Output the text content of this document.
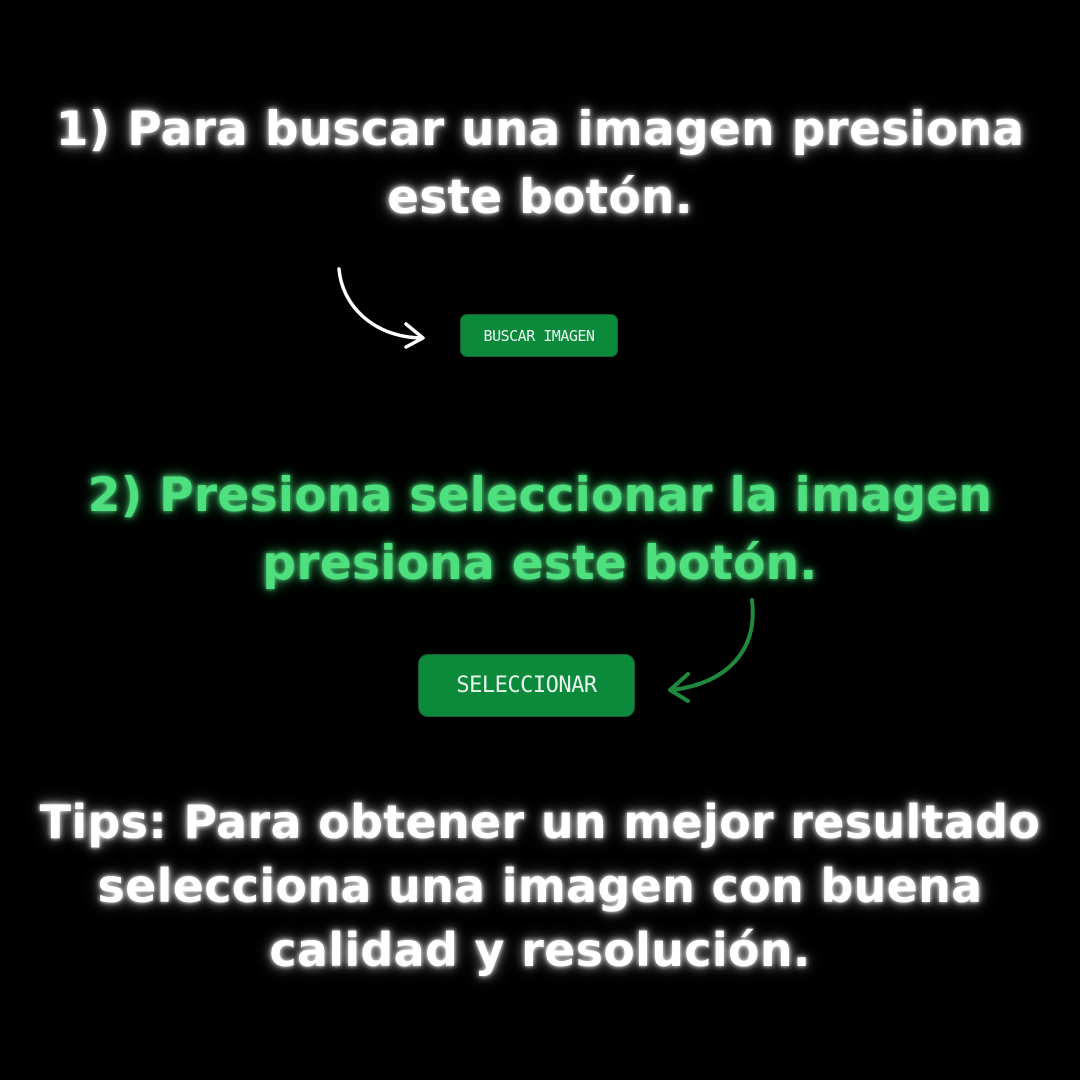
1) Para buscar una imagen presiona
este botón.
BUSCAR IMAGEN
2) Presiona seleccionar la imagen
presiona este botón.
SELECCIONAR
Tips: Para obtener un mejor resultado
selecciona una imagen con buena
calidad y resolución.
